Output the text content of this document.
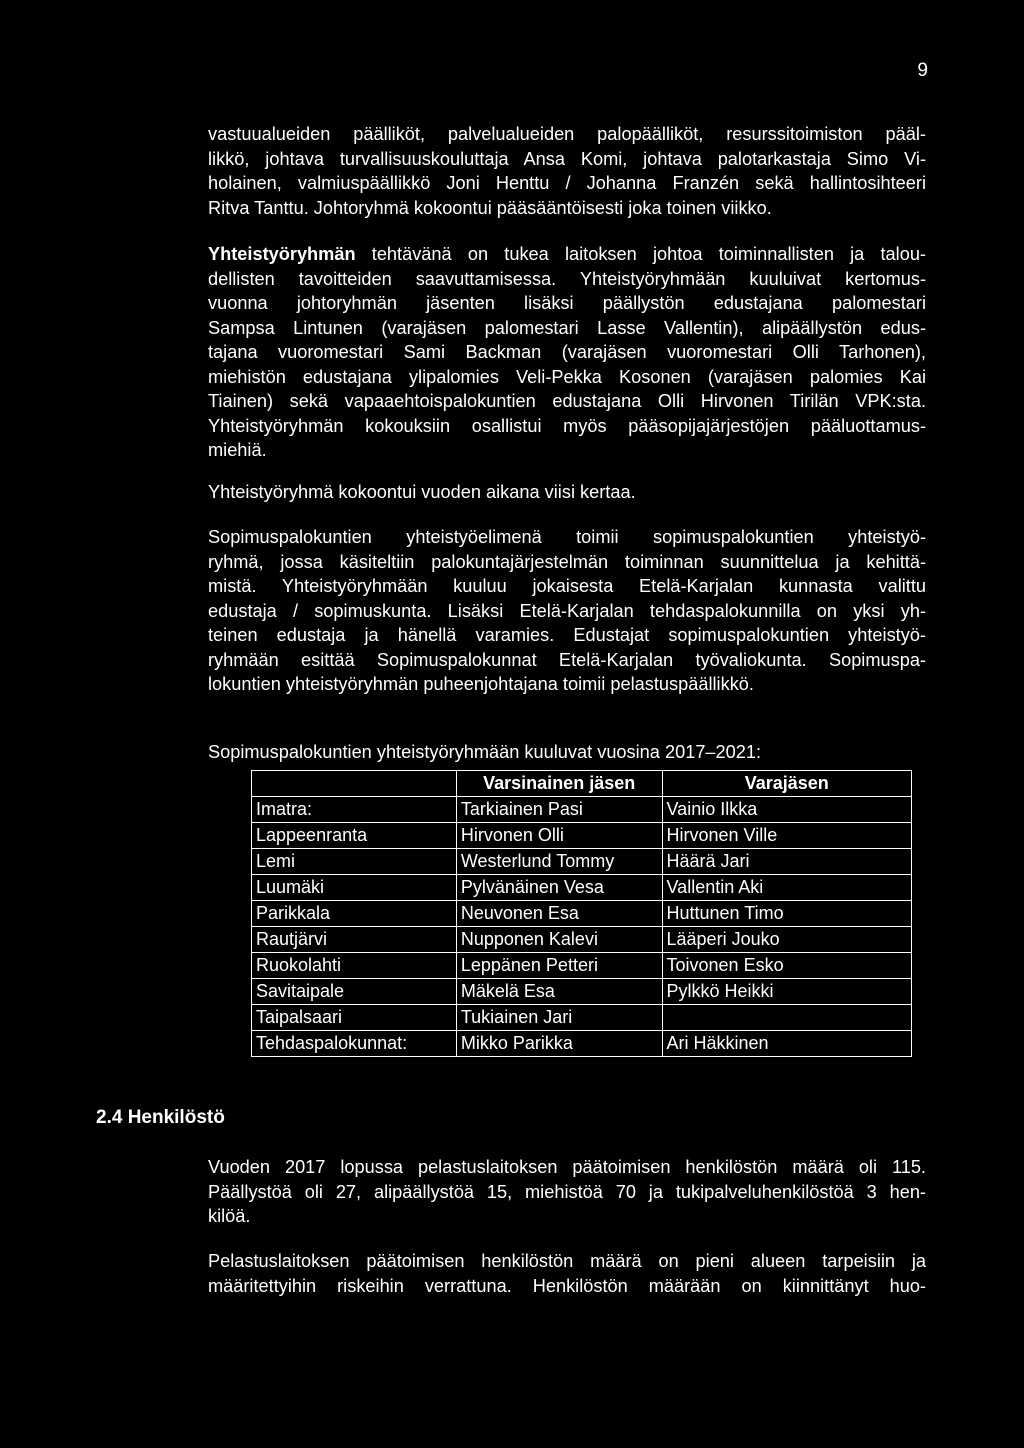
9

vastuualueiden päälliköt, palvelualueiden palopäälliköt, resurssitoimiston pääl-
likkö, johtava turvallisuuskouluttaja Ansa Komi, johtava palotarkastaja Simo Vi-
holainen, valmiuspäällikkö Joni Henttu / Johanna Franzén sekä hallintosihteeri
Ritva Tanttu. Johtoryhmä kokoontui pääsääntöisesti joka toinen viikko.

Yhteistyöryhmän tehtävänä on tukea laitoksen johtoa toiminnallisten ja talou-
dellisten tavoitteiden saavuttamisessa. Yhteistyöryhmään kuuluivat kertomus-
vuonna johtoryhmän jäsenten lisäksi päällystön edustajana palomestari
Sampsa Lintunen (varajäsen palomestari Lasse Vallentin), alipäällystön edus-
tajana vuoromestari Sami Backman (varajäsen vuoromestari Olli Tarhonen),
miehistön edustajana ylipalomies Veli-Pekka Kosonen (varajäsen palomies Kai
Tiainen) sekä vapaaehtoispalokuntien edustajana Olli Hirvonen Tirilän VPK:sta.
Yhteistyöryhmän kokouksiin osallistui myös pääsopijajärjestöjen pääluottamus-
miehiä.

Yhteistyöryhmä kokoontui vuoden aikana viisi kertaa.

Sopimuspalokuntien yhteistyöelimenä toimii sopimuspalokuntien yhteistyö-
ryhmä, jossa käsiteltiin palokuntajärjestelmän toiminnan suunnittelua ja kehittä-
mistä. Yhteistyöryhmään kuuluu jokaisesta Etelä-Karjalan kunnasta valittu
edustaja / sopimuskunta. Lisäksi Etelä-Karjalan tehdaspalokunnilla on yksi yh-
teinen edustaja ja hänellä varamies. Edustajat sopimuspalokuntien yhteistyö-
ryhmään esittää Sopimuspalokunnat Etelä-Karjalan työvaliokunta. Sopimuspa-
lokuntien yhteistyöryhmän puheenjohtajana toimii pelastuspäällikkö.

Sopimuspalokuntien yhteistyöryhmään kuuluvat vuosina 2017–2021:

	Varsinainen jäsen	Varajäsen
Imatra:	Tarkiainen Pasi	Vainio Ilkka
Lappeenranta	Hirvonen Olli	Hirvonen Ville
Lemi	Westerlund Tommy	Häärä Jari
Luumäki	Pylvänäinen Vesa	Vallentin Aki
Parikkala	Neuvonen Esa	Huttunen Timo
Rautjärvi	Nupponen Kalevi	Lääperi Jouko
Ruokolahti	Leppänen Petteri	Toivonen Esko
Savitaipale	Mäkelä Esa	Pylkkö Heikki
Taipalsaari	Tukiainen Jari	
Tehdaspalokunnat:	Mikko Parikka	Ari Häkkinen
2.4 Henkilöstö

Vuoden 2017 lopussa pelastuslaitoksen päätoimisen henkilöstön määrä oli 115.
Päällystöä oli 27, alipäällystöä 15, miehistöä 70 ja tukipalveluhenkilöstöä 3 hen-
kilöä.

Pelastuslaitoksen päätoimisen henkilöstön määrä on pieni alueen tarpeisiin ja
määritettyihin riskeihin verrattuna. Henkilöstön määrään on kiinnittänyt huo-
